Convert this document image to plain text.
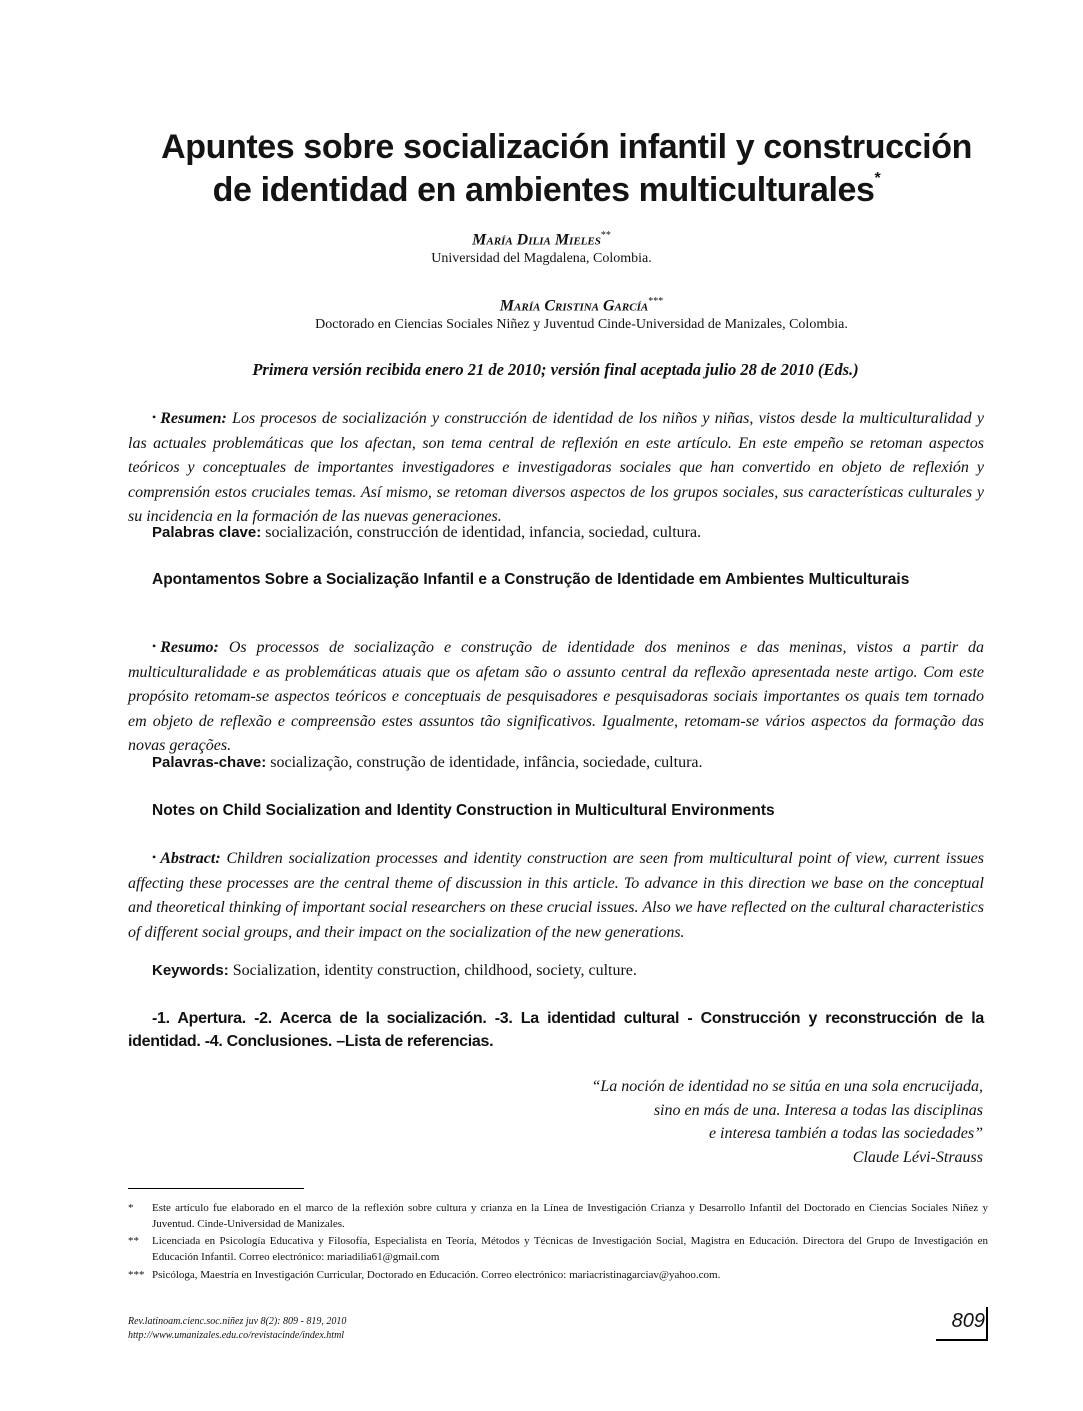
Apuntes sobre socialización infantil y construcción
de identidad en ambientes multiculturales*
María Dilia Mieles**
Universidad del Magdalena, Colombia.
María Cristina García***
Doctorado en Ciencias Sociales Niñez y Juventud Cinde-Universidad de Manizales, Colombia.
Primera versión recibida enero 21 de 2010; versión final aceptada julio 28 de 2010 (Eds.)
• Resumen: Los procesos de socialización y construcción de identidad de los niños y niñas, vistos desde la multiculturalidad y las actuales problemáticas que los afectan, son tema central de reflexión en este artículo. En este empeño se retoman aspectos teóricos y conceptuales de importantes investigadores e investigadoras sociales que han convertido en objeto de reflexión y comprensión estos cruciales temas. Así mismo, se retoman diversos aspectos de los grupos sociales, sus características culturales y su incidencia en la formación de las nuevas generaciones.
Palabras clave: socialización, construcción de identidad, infancia, sociedad, cultura.
Apontamentos Sobre a Socialização Infantil e a Construção de Identidade em Ambientes Multiculturais
• Resumo: Os processos de socialização e construção de identidade dos meninos e das meninas, vistos a partir da multiculturalidade e as problemáticas atuais que os afetam são o assunto central da reflexão apresentada neste artigo. Com este propósito retomam-se aspectos teóricos e conceptuais de pesquisadores e pesquisadoras sociais importantes os quais tem tornado em objeto de reflexão e compreensão estes assuntos tão significativos. Igualmente, retomam-se vários aspectos da formação das novas gerações.
Palavras-chave: socialização, construção de identidade, infância, sociedade, cultura.
Notes on Child Socialization and Identity Construction in Multicultural Environments
• Abstract: Children socialization processes and identity construction are seen from multicultural point of view, current issues affecting these processes are the central theme of discussion in this article. To advance in this direction we base on the conceptual and theoretical thinking of important social researchers on these crucial issues. Also we have reflected on the cultural characteristics of different social groups, and their impact on the socialization of the new generations.
Keywords: Socialization, identity construction, childhood, society, culture.
-1. Apertura. -2. Acerca de la socialización. -3. La identidad cultural - Construcción y reconstrucción de la identidad. -4. Conclusiones. –Lista de referencias.
“La noción de identidad no se sitúa en una sola encrucijada,
sino en más de una. Interesa a todas las disciplinas
e interesa también a todas las sociedades”
Claude Lévi-Strauss
*	Este artículo fue elaborado en el marco de la reflexión sobre cultura y crianza en la Línea de Investigación Crianza y Desarrollo Infantil del Doctorado en Ciencias Sociales Niñez y Juventud. Cinde-Universidad de Manizales.
**	Licenciada en Psicología Educativa y Filosofía, Especialista en Teoría, Métodos y Técnicas de Investigación Social, Magistra en Educación. Directora del Grupo de Investigación en Educación Infantil. Correo electrónico: mariadilia61@gmail.com
*** Psicóloga, Maestría en Investigación Curricular, Doctorado en Educación. Correo electrónico: mariacristinagarciav@yahoo.com.
Rev.latinoam.cienc.soc.niñez juv 8(2): 809 - 819, 2010
http://www.umanizales.edu.co/revistacinde/index.html
809
